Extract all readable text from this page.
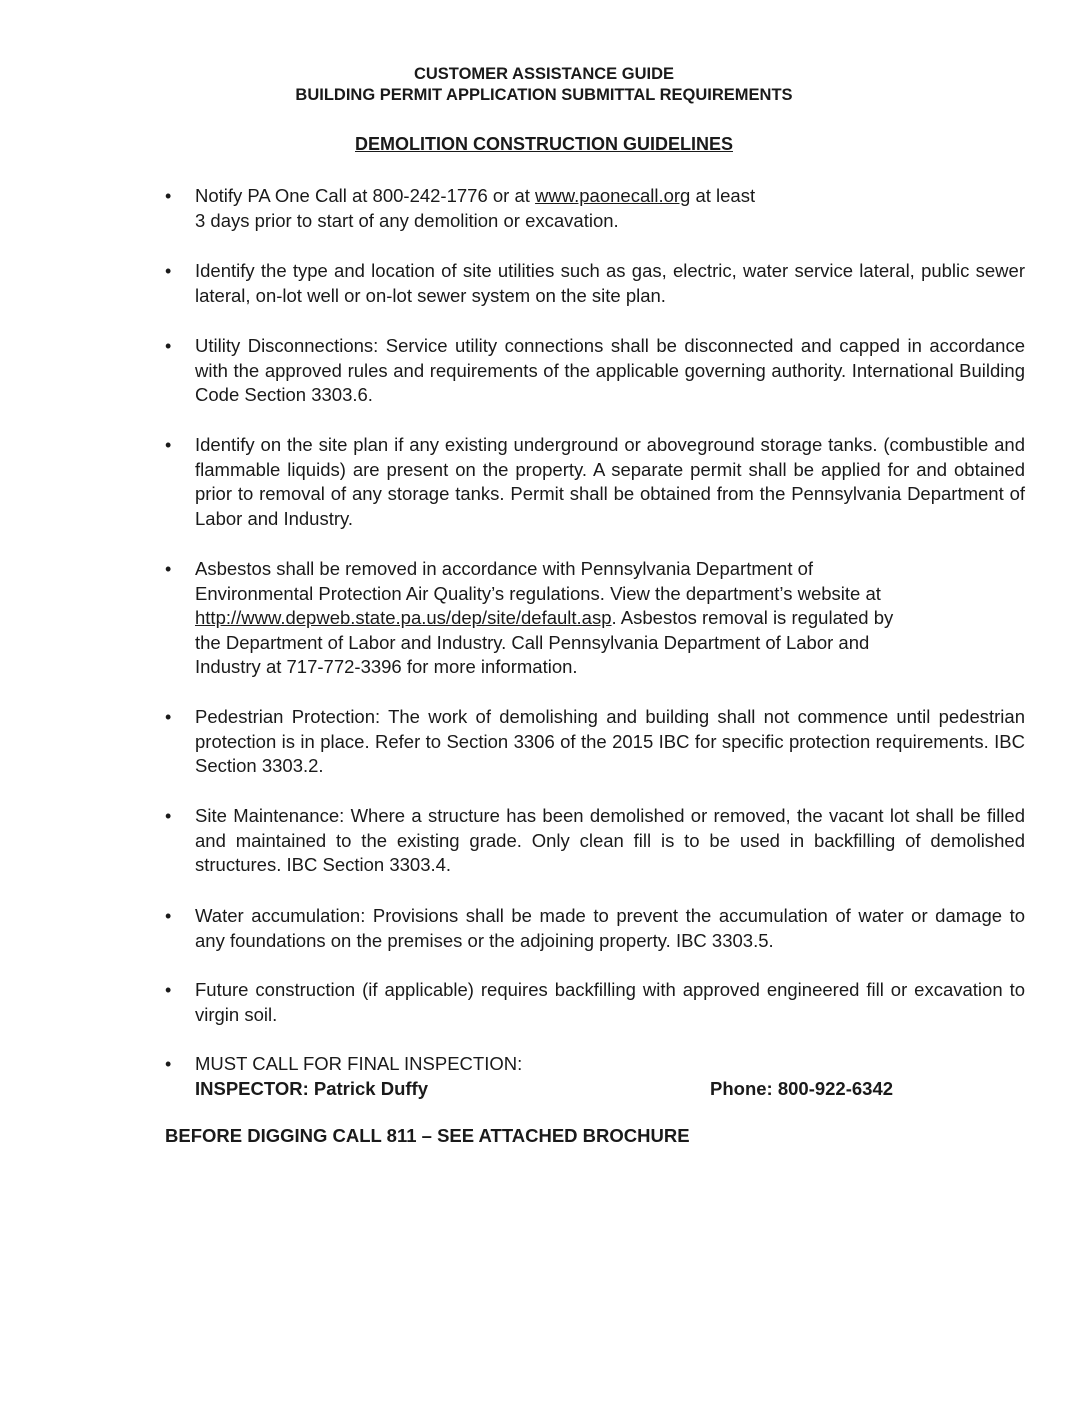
CUSTOMER ASSISTANCE GUIDE
BUILDING PERMIT APPLICATION SUBMITTAL REQUIREMENTS
DEMOLITION CONSTRUCTION GUIDELINES
• Notify PA One Call at 800-242-1776 or at www.paonecall.org at least
3 days prior to start of any demolition or excavation.
• Identify the type and location of site utilities such as gas, electric, water service lateral, public sewer lateral, on-lot well or on-lot sewer system on the site plan.
• Utility Disconnections: Service utility connections shall be disconnected and capped in accordance with the approved rules and requirements of the applicable governing authority. International Building Code Section 3303.6.
• Identify on the site plan if any existing underground or aboveground storage tanks. (combustible and flammable liquids) are present on the property. A separate permit shall be applied for and obtained prior to removal of any storage tanks. Permit shall be obtained from the Pennsylvania Department of Labor and Industry.
• Asbestos shall be removed in accordance with Pennsylvania Department of
Environmental Protection Air Quality’s regulations. View the department’s website at
http://www.depweb.state.pa.us/dep/site/default.asp. Asbestos removal is regulated by
the Department of Labor and Industry. Call Pennsylvania Department of Labor and
Industry at 717-772-3396 for more information.
• Pedestrian Protection: The work of demolishing and building shall not commence until pedestrian protection is in place. Refer to Section 3306 of the 2015 IBC for specific protection requirements. IBC Section 3303.2.
• Site Maintenance: Where a structure has been demolished or removed, the vacant lot shall be filled and maintained to the existing grade. Only clean fill is to be used in backfilling of demolished structures. IBC Section 3303.4.
• Water accumulation: Provisions shall be made to prevent the accumulation of water or damage to any foundations on the premises or the adjoining property. IBC 3303.5.
• Future construction (if applicable) requires backfilling with approved engineered fill or excavation to virgin soil.
• MUST CALL FOR FINAL INSPECTION:
INSPECTOR: Patrick Duffy	Phone: 800-922-6342
BEFORE DIGGING CALL 811 – SEE ATTACHED BROCHURE
